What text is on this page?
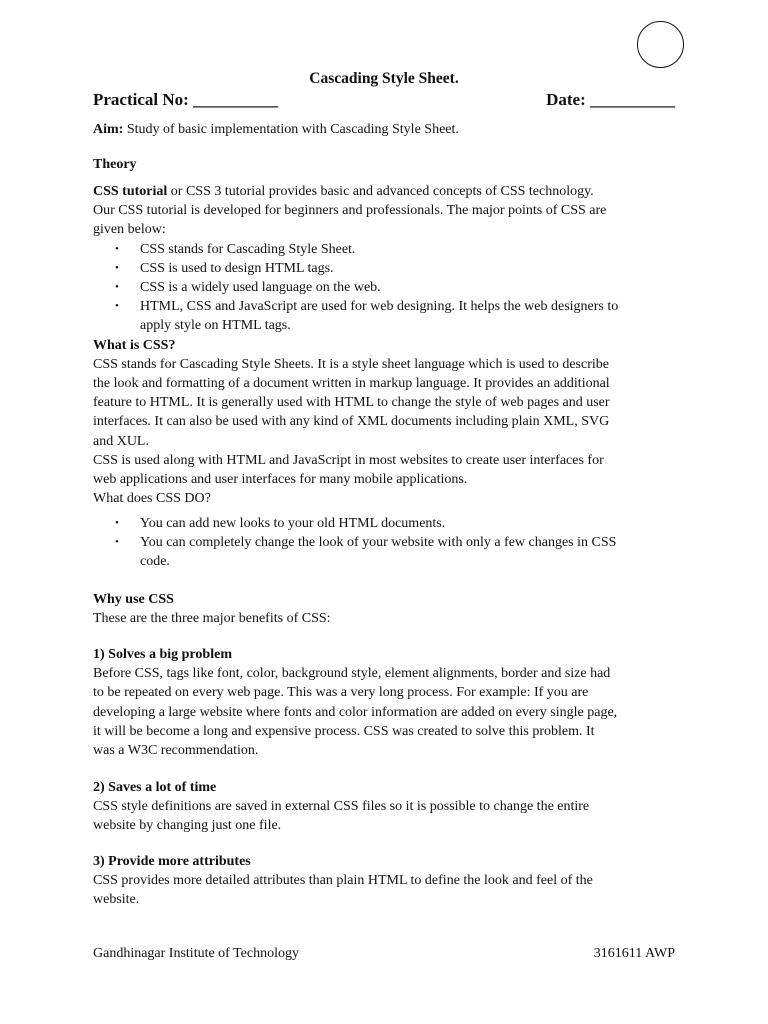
Cascading Style Sheet.
Practical No: __________	Date: __________
Aim: Study of basic implementation with Cascading Style Sheet.
Theory
CSS tutorial or CSS 3 tutorial provides basic and advanced concepts of CSS technology.
Our CSS tutorial is developed for beginners and professionals. The major points of CSS are
given below:
• CSS stands for Cascading Style Sheet.
• CSS is used to design HTML tags.
• CSS is a widely used language on the web.
• HTML, CSS and JavaScript are used for web designing. It helps the web designers to
apply style on HTML tags.
What is CSS?
CSS stands for Cascading Style Sheets. It is a style sheet language which is used to describe
the look and formatting of a document written in markup language. It provides an additional
feature to HTML. It is generally used with HTML to change the style of web pages and user
interfaces. It can also be used with any kind of XML documents including plain XML, SVG
and XUL.
CSS is used along with HTML and JavaScript in most websites to create user interfaces for
web applications and user interfaces for many mobile applications.
What does CSS DO?
• You can add new looks to your old HTML documents.
• You can completely change the look of your website with only a few changes in CSS
code.
Why use CSS
These are the three major benefits of CSS:
1) Solves a big problem
Before CSS, tags like font, color, background style, element alignments, border and size had
to be repeated on every web page. This was a very long process. For example: If you are
developing a large website where fonts and color information are added on every single page,
it will be become a long and expensive process. CSS was created to solve this problem. It
was a W3C recommendation.
2) Saves a lot of time
CSS style definitions are saved in external CSS files so it is possible to change the entire
website by changing just one file.
3) Provide more attributes
CSS provides more detailed attributes than plain HTML to define the look and feel of the
website.
Gandhinagar Institute of Technology	3161611 AWP
